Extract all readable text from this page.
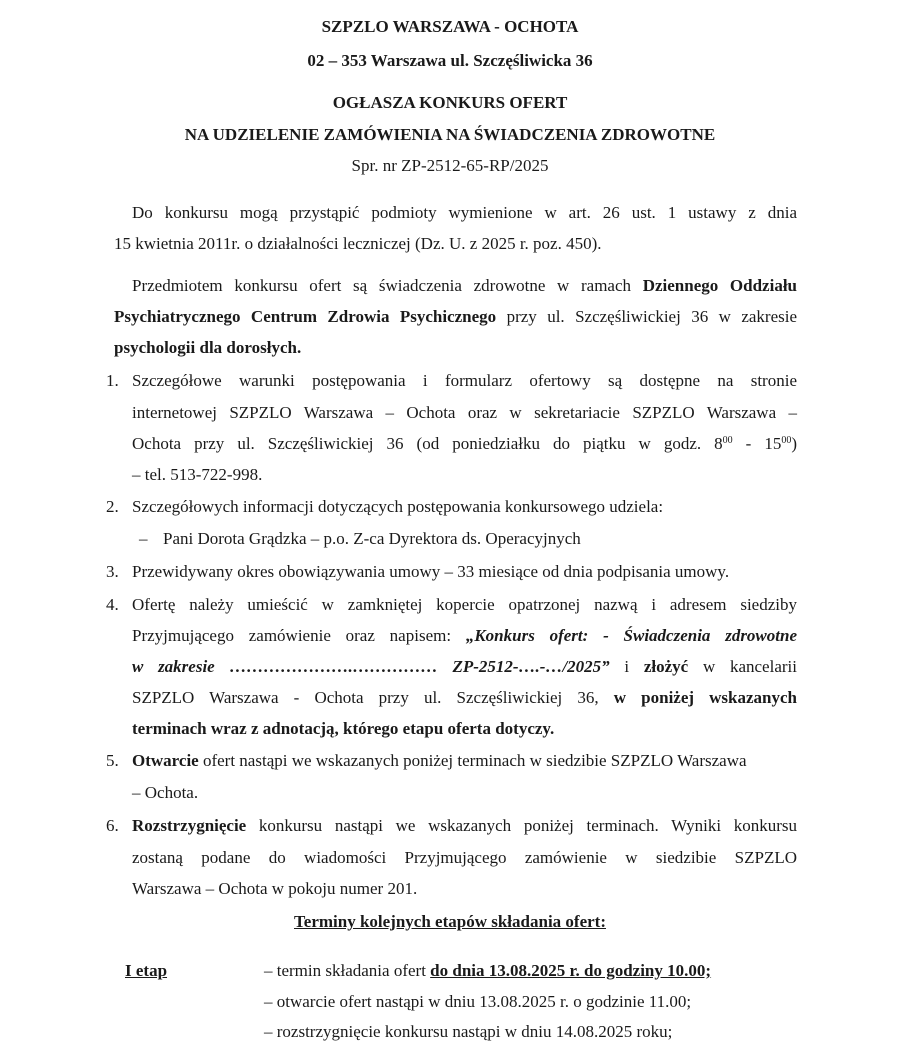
SZPZLO WARSZAWA - OCHOTA
02 – 353 Warszawa ul. Szczęśliwicka 36
OGŁASZA KONKURS OFERT
NA UDZIELENIE ZAMÓWIENIA NA ŚWIADCZENIA ZDROWOTNE
Spr. nr ZP-2512-65-RP/2025
Do konkursu mogą przystąpić podmioty wymienione w art. 26 ust. 1 ustawy z dnia
15 kwietnia 2011r. o działalności leczniczej (Dz. U. z 2025 r. poz. 450).
Przedmiotem konkursu ofert są świadczenia zdrowotne w ramach Dziennego Oddziału
Psychiatrycznego Centrum Zdrowia Psychicznego przy ul. Szczęśliwickiej 36 w zakresie
psychologii dla dorosłych.
1. Szczegółowe warunki postępowania i formularz ofertowy są dostępne na stronie
internetowej SZPZLO Warszawa – Ochota oraz w sekretariacie SZPZLO Warszawa –
Ochota przy ul. Szczęśliwickiej 36 (od poniedziałku do piątku w godz. $8^{00} - 15^{00}$)
– tel. 513-722-998.
2. Szczegółowych informacji dotyczących postępowania konkursowego udziela:
– Pani Dorota Grądzka – p.o. Z-ca Dyrektora ds. Operacyjnych
3. Przewidywany okres obowiązywania umowy – 33 miesiące od dnia podpisania umowy.
4. Ofertę należy umieścić w zamkniętej kopercie opatrzonej nazwą i adresem siedziby
Przyjmującego zamówienie oraz napisem: „Konkurs ofert: - Świadczenia zdrowotne
w zakresie ………………….…………… ZP-2512-….-…/2025” i złożyć w kancelarii
SZPZLO Warszawa - Ochota przy ul. Szczęśliwickiej 36, w poniżej wskazanych
terminach wraz z adnotacją, którego etapu oferta dotyczy.
5. Otwarcie ofert nastąpi we wskazanych poniżej terminach w siedzibie SZPZLO Warszawa
– Ochota.
6. Rozstrzygnięcie konkursu nastąpi we wskazanych poniżej terminach. Wyniki konkursu
zostaną podane do wiadomości Przyjmującego zamówienie w siedzibie SZPZLO
Warszawa – Ochota w pokoju numer 201.
Terminy kolejnych etapów składania ofert:
I etap	– termin składania ofert do dnia 13.08.2025 r. do godziny 10.00;
– otwarcie ofert nastąpi w dniu 13.08.2025 r. o godzinie 11.00;
– rozstrzygnięcie konkursu nastąpi w dniu 14.08.2025 roku;
